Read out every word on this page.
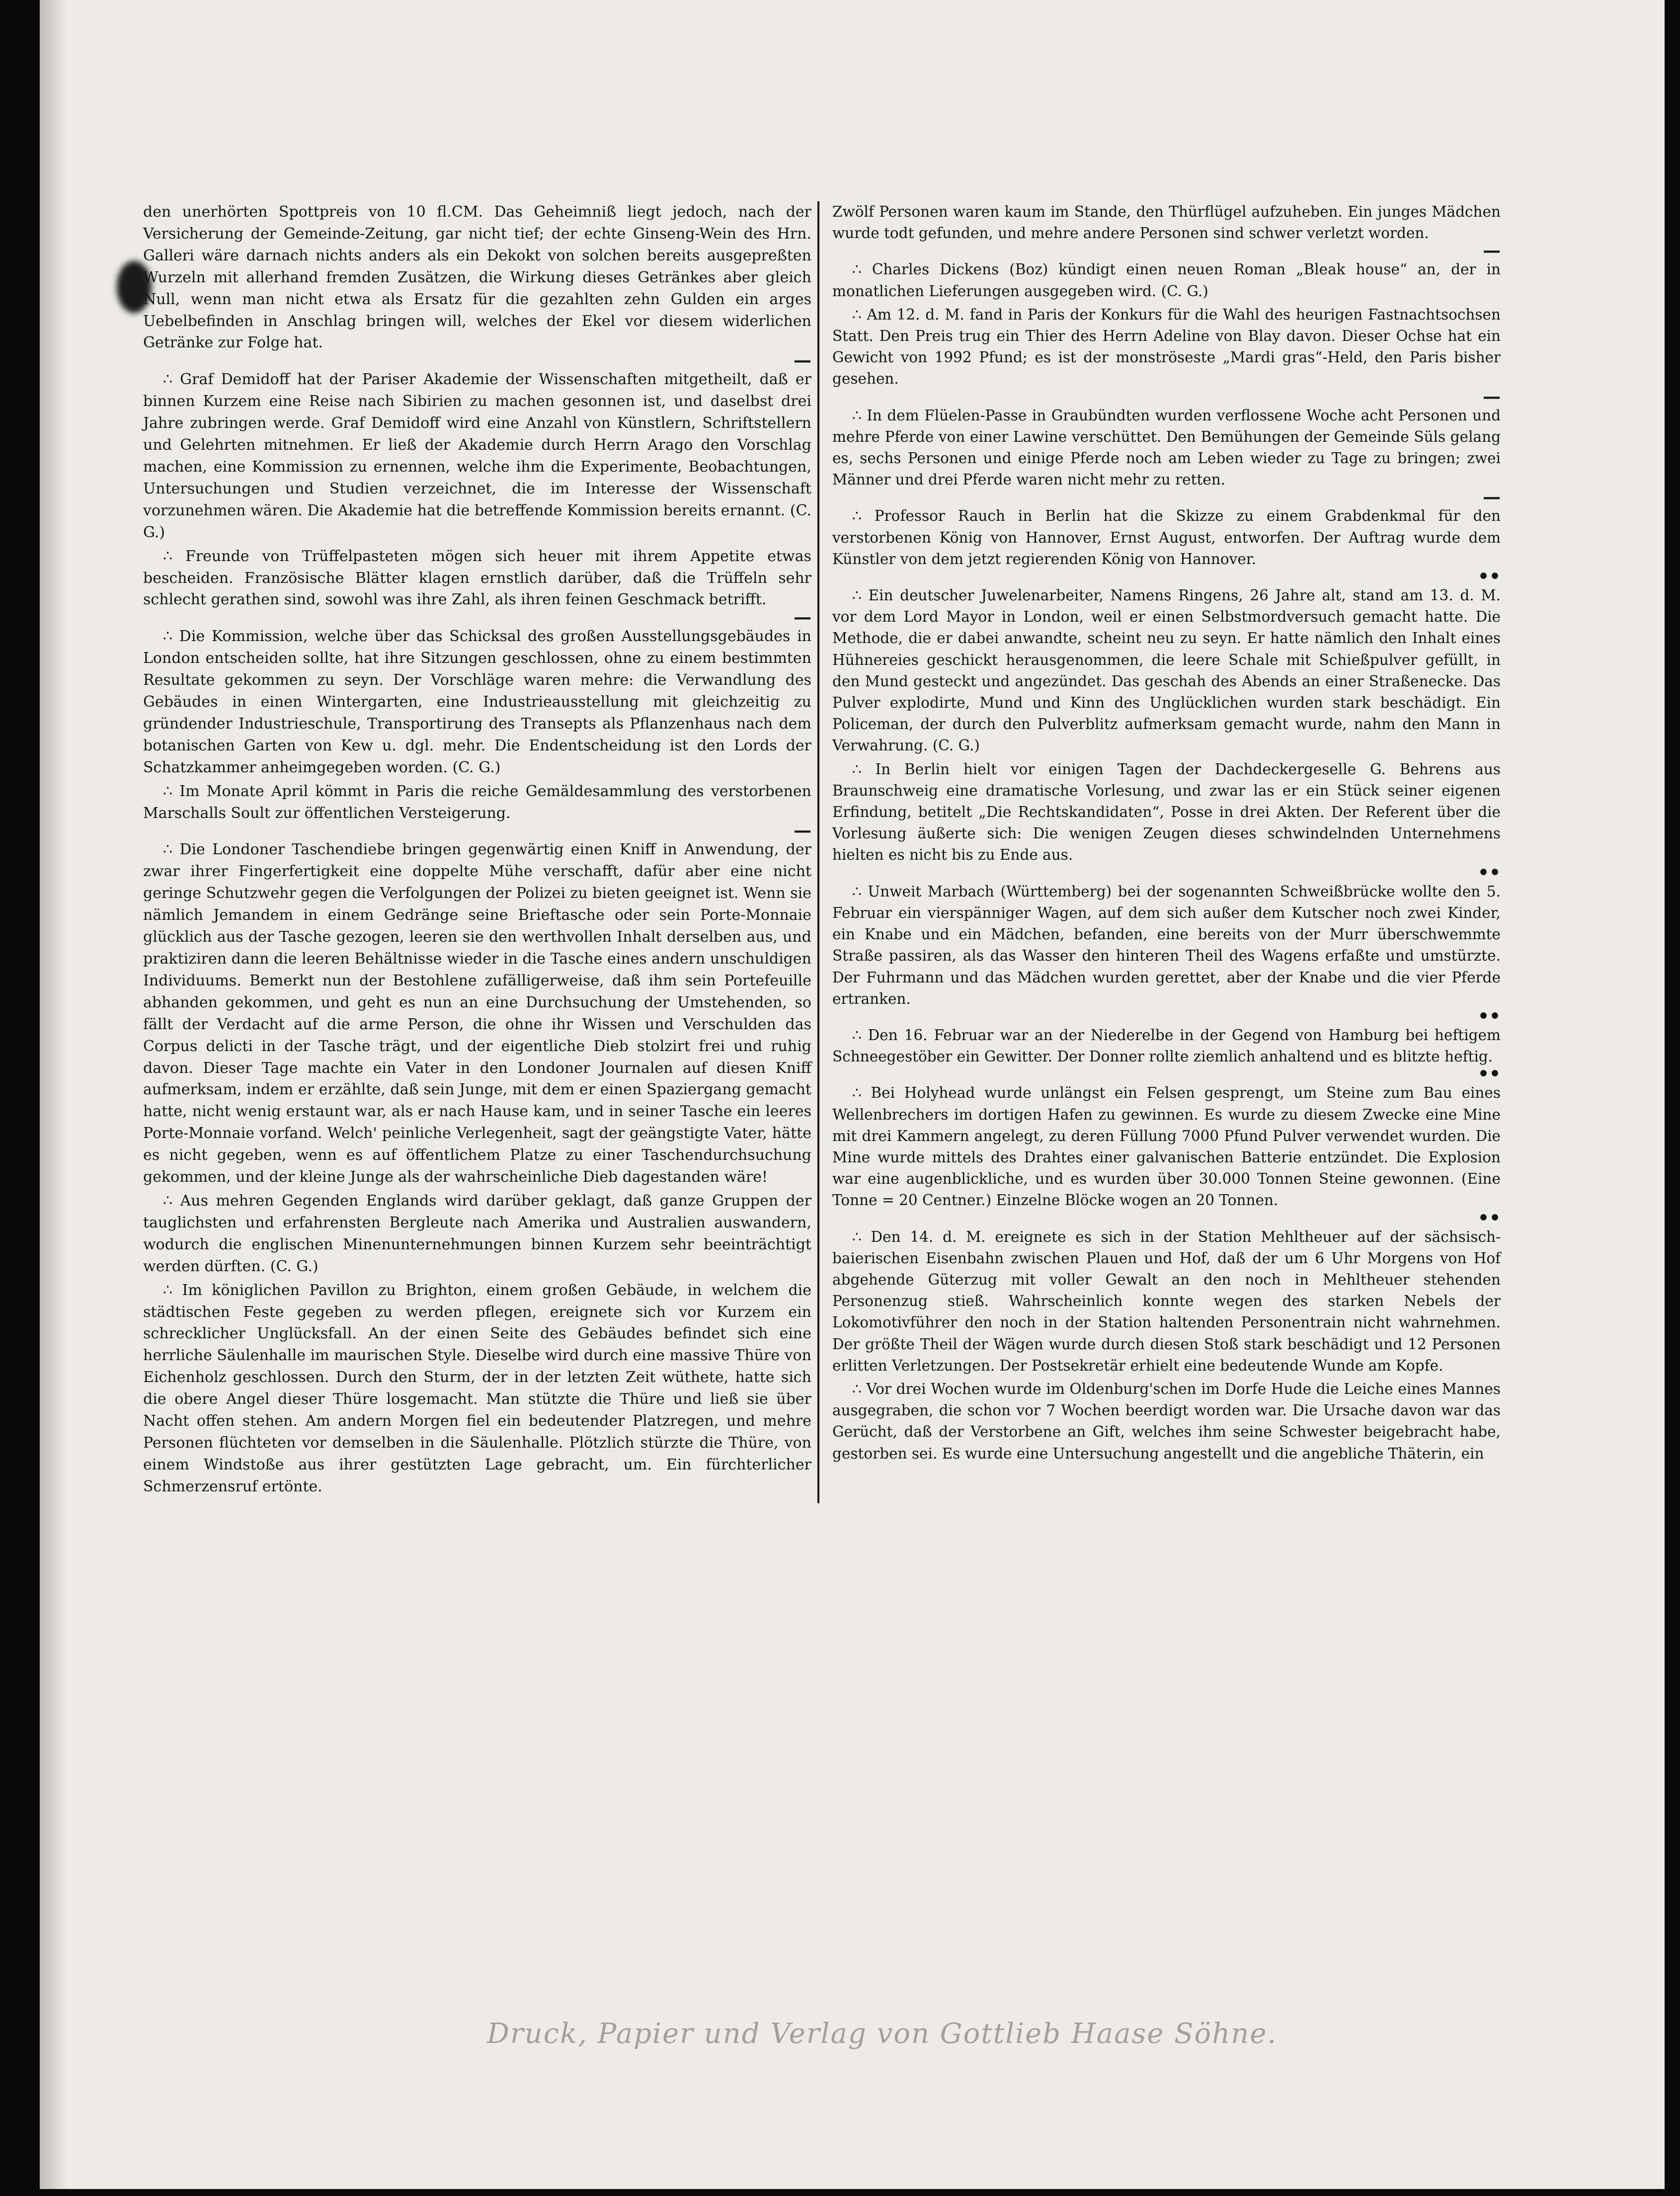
den unerhörten Spottpreis von 10 fl.CM. Das Geheimniß liegt jedoch, nach der Versicherung der Gemeinde-Zeitung, gar nicht tief; der echte Ginseng-Wein des Hrn. Galleri wäre darnach nichts anders als ein Dekokt von solchen bereits ausgepreßten Wurzeln mit allerhand fremden Zusätzen, die Wirkung dieses Getränkes aber gleich Null, wenn man nicht etwa als Ersatz für die gezahlten zehn Gulden ein arges Uebelbefinden in Anschlag bringen will, welches der Ekel vor diesem widerlichen Getränke zur Folge hat.

—

∴ Graf Demidoff hat der Pariser Akademie der Wissenschaften mitgetheilt, daß er binnen Kurzem eine Reise nach Sibirien zu machen gesonnen ist, und daselbst drei Jahre zubringen werde. Graf Demidoff wird eine Anzahl von Künstlern, Schriftstellern und Gelehrten mitnehmen. Er ließ der Akademie durch Herrn Arago den Vorschlag machen, eine Kommission zu ernennen, welche ihm die Experimente, Beobachtungen, Untersuchungen und Studien verzeichnet, die im Interesse der Wissenschaft vorzunehmen wären. Die Akademie hat die betreffende Kommission bereits ernannt. (C. G.)

∴ Freunde von Trüffelpasteten mögen sich heuer mit ihrem Appetite etwas bescheiden. Französische Blätter klagen ernstlich darüber, daß die Trüffeln sehr schlecht gerathen sind, sowohl was ihre Zahl, als ihren feinen Geschmack betrifft.

—

∴ Die Kommission, welche über das Schicksal des großen Ausstellungsgebäudes in London entscheiden sollte, hat ihre Sitzungen geschlossen, ohne zu einem bestimmten Resultate gekommen zu seyn. Der Vorschläge waren mehre: die Verwandlung des Gebäudes in einen Wintergarten, eine Industrieausstellung mit gleichzeitig zu gründender Industrieschule, Transportirung des Transepts als Pflanzenhaus nach dem botanischen Garten von Kew u. dgl. mehr. Die Endentscheidung ist den Lords der Schatzkammer anheimgegeben worden. (C. G.)

∴ Im Monate April kömmt in Paris die reiche Gemäldesammlung des verstorbenen Marschalls Soult zur öffentlichen Versteigerung.

—

∴ Die Londoner Taschendiebe bringen gegenwärtig einen Kniff in Anwendung, der zwar ihrer Fingerfertigkeit eine doppelte Mühe verschafft, dafür aber eine nicht geringe Schutzwehr gegen die Verfolgungen der Polizei zu bieten geeignet ist. Wenn sie nämlich Jemandem in einem Gedränge seine Brieftasche oder sein Porte-Monnaie glücklich aus der Tasche gezogen, leeren sie den werthvollen Inhalt derselben aus, und praktiziren dann die leeren Behältnisse wieder in die Tasche eines andern unschuldigen Individuums. Bemerkt nun der Bestohlene zufälligerweise, daß ihm sein Portefeuille abhanden gekommen, und geht es nun an eine Durchsuchung der Umstehenden, so fällt der Verdacht auf die arme Person, die ohne ihr Wissen und Verschulden das Corpus delicti in der Tasche trägt, und der eigentliche Dieb stolzirt frei und ruhig davon. Dieser Tage machte ein Vater in den Londoner Journalen auf diesen Kniff aufmerksam, indem er erzählte, daß sein Junge, mit dem er einen Spaziergang gemacht hatte, nicht wenig erstaunt war, als er nach Hause kam, und in seiner Tasche ein leeres Porte-Monnaie vorfand. Welch' peinliche Verlegenheit, sagt der geängstigte Vater, hätte es nicht gegeben, wenn es auf öffentlichem Platze zu einer Taschendurchsuchung gekommen, und der kleine Junge als der wahrscheinliche Dieb dagestanden wäre!

∴ Aus mehren Gegenden Englands wird darüber geklagt, daß ganze Gruppen der tauglichsten und erfahrensten Bergleute nach Amerika und Australien auswandern, wodurch die englischen Minenunternehmungen binnen Kurzem sehr beeinträchtigt werden dürften. (C. G.)

∴ Im königlichen Pavillon zu Brighton, einem großen Gebäude, in welchem die städtischen Feste gegeben zu werden pflegen, ereignete sich vor Kurzem ein schrecklicher Unglücksfall. An der einen Seite des Gebäudes befindet sich eine herrliche Säulenhalle im maurischen Style. Dieselbe wird durch eine massive Thüre von Eichenholz geschlossen. Durch den Sturm, der in der letzten Zeit wüthete, hatte sich die obere Angel dieser Thüre losgemacht. Man stützte die Thüre und ließ sie über Nacht offen stehen. Am andern Morgen fiel ein bedeutender Platzregen, und mehre Personen flüchteten vor demselben in die Säulenhalle. Plötzlich stürzte die Thüre, von einem Windstoße aus ihrer gestützten Lage gebracht, um. Ein fürchterlicher Schmerzensruf ertönte.

Zwölf Personen waren kaum im Stande, den Thürflügel aufzuheben. Ein junges Mädchen wurde todt gefunden, und mehre andere Personen sind schwer verletzt worden.

—

∴ Charles Dickens (Boz) kündigt einen neuen Roman „Bleak house“ an, der in monatlichen Lieferungen ausgegeben wird. (C. G.)

∴ Am 12. d. M. fand in Paris der Konkurs für die Wahl des heurigen Fastnachtsochsen Statt. Den Preis trug ein Thier des Herrn Adeline von Blay davon. Dieser Ochse hat ein Gewicht von 1992 Pfund; es ist der monströseste „Mardi gras“-Held, den Paris bisher gesehen.

—

∴ In dem Flüelen-Passe in Graubündten wurden verflossene Woche acht Personen und mehre Pferde von einer Lawine verschüttet. Den Bemühungen der Gemeinde Süls gelang es, sechs Personen und einige Pferde noch am Leben wieder zu Tage zu bringen; zwei Männer und drei Pferde waren nicht mehr zu retten.

—

∴ Professor Rauch in Berlin hat die Skizze zu einem Grabdenkmal für den verstorbenen König von Hannover, Ernst August, entworfen. Der Auftrag wurde dem Künstler von dem jetzt regierenden König von Hannover.

••

∴ Ein deutscher Juwelenarbeiter, Namens Ringens, 26 Jahre alt, stand am 13. d. M. vor dem Lord Mayor in London, weil er einen Selbstmordversuch gemacht hatte. Die Methode, die er dabei anwandte, scheint neu zu seyn. Er hatte nämlich den Inhalt eines Hühnereies geschickt herausgenommen, die leere Schale mit Schießpulver gefüllt, in den Mund gesteckt und angezündet. Das geschah des Abends an einer Straßenecke. Das Pulver explodirte, Mund und Kinn des Unglücklichen wurden stark beschädigt. Ein Policeman, der durch den Pulverblitz aufmerksam gemacht wurde, nahm den Mann in Verwahrung. (C. G.)

∴ In Berlin hielt vor einigen Tagen der Dachdeckergeselle G. Behrens aus Braunschweig eine dramatische Vorlesung, und zwar las er ein Stück seiner eigenen Erfindung, betitelt „Die Rechtskandidaten“, Posse in drei Akten. Der Referent über die Vorlesung äußerte sich: Die wenigen Zeugen dieses schwindelnden Unternehmens hielten es nicht bis zu Ende aus.

••

∴ Unweit Marbach (Württemberg) bei der sogenannten Schweißbrücke wollte den 5. Februar ein vierspänniger Wagen, auf dem sich außer dem Kutscher noch zwei Kinder, ein Knabe und ein Mädchen, befanden, eine bereits von der Murr überschwemmte Straße passiren, als das Wasser den hinteren Theil des Wagens erfaßte und umstürzte. Der Fuhrmann und das Mädchen wurden gerettet, aber der Knabe und die vier Pferde ertranken.

••

∴ Den 16. Februar war an der Niederelbe in der Gegend von Hamburg bei heftigem Schneegestöber ein Gewitter. Der Donner rollte ziemlich anhaltend und es blitzte heftig.

••

∴ Bei Holyhead wurde unlängst ein Felsen gesprengt, um Steine zum Bau eines Wellenbrechers im dortigen Hafen zu gewinnen. Es wurde zu diesem Zwecke eine Mine mit drei Kammern angelegt, zu deren Füllung 7000 Pfund Pulver verwendet wurden. Die Mine wurde mittels des Drahtes einer galvanischen Batterie entzündet. Die Explosion war eine augenblickliche, und es wurden über 30.000 Tonnen Steine gewonnen. (Eine Tonne = 20 Centner.) Einzelne Blöcke wogen an 20 Tonnen.

••

∴ Den 14. d. M. ereignete es sich in der Station Mehltheuer auf der sächsisch-baierischen Eisenbahn zwischen Plauen und Hof, daß der um 6 Uhr Morgens von Hof abgehende Güterzug mit voller Gewalt an den noch in Mehltheuer stehenden Personenzug stieß. Wahrscheinlich konnte wegen des starken Nebels der Lokomotivführer den noch in der Station haltenden Personentrain nicht wahrnehmen. Der größte Theil der Wägen wurde durch diesen Stoß stark beschädigt und 12 Personen erlitten Verletzungen. Der Postsekretär erhielt eine bedeutende Wunde am Kopfe.

∴ Vor drei Wochen wurde im Oldenburg'schen im Dorfe Hude die Leiche eines Mannes ausgegraben, die schon vor 7 Wochen beerdigt worden war. Die Ursache davon war das Gerücht, daß der Verstorbene an Gift, welches ihm seine Schwester beigebracht habe, gestorben sei. Es wurde eine Untersuchung angestellt und die angebliche Thäterin, ein

Druck, Papier und Verlag von Gottlieb Haase Söhne.
